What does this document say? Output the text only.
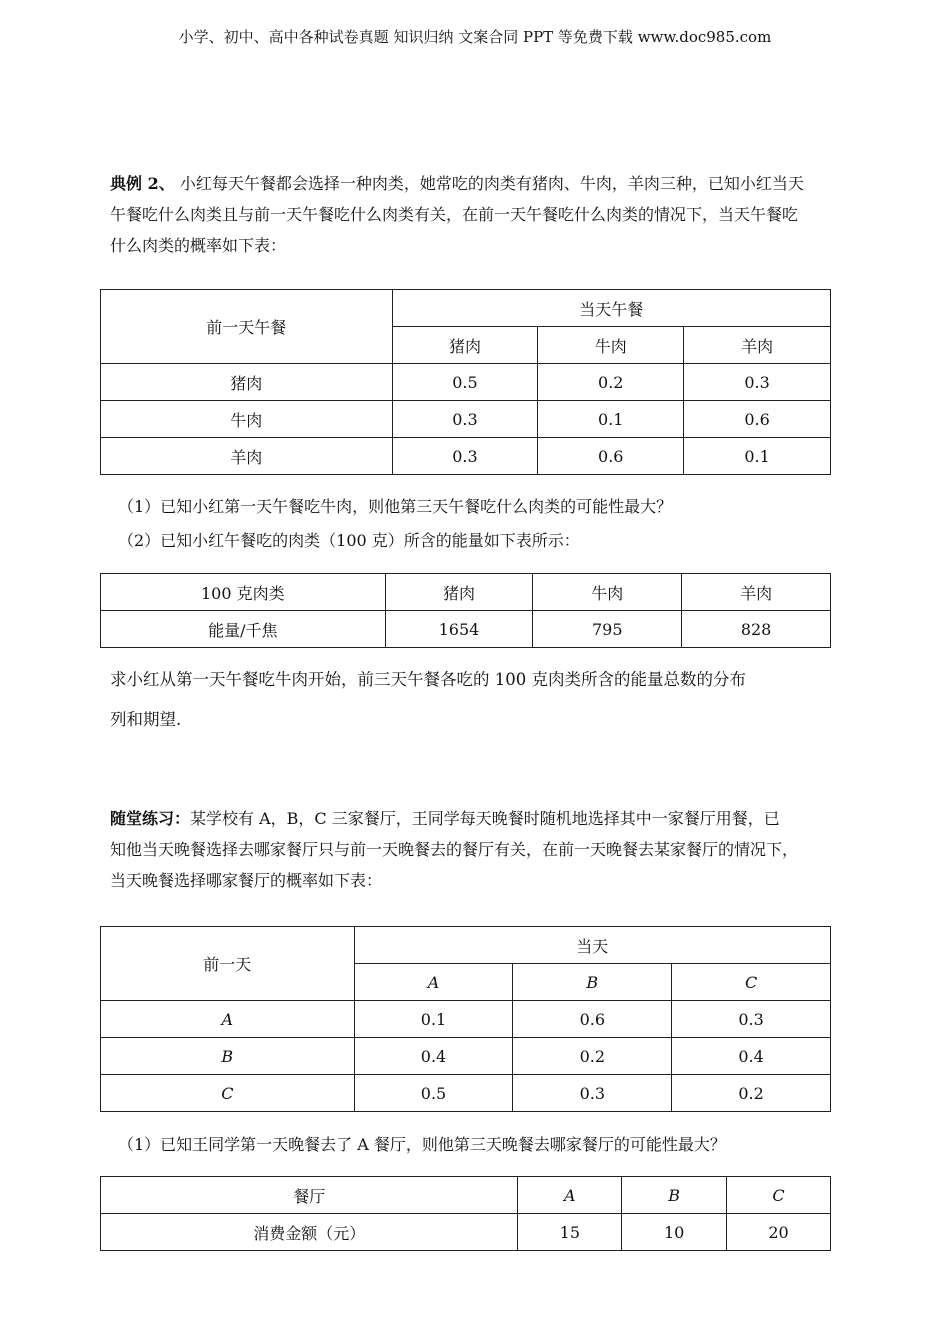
小学、初中、高中各种试卷真题 知识归纳 文案合同 PPT 等免费下载 www.doc985.com
典例 2、 小红每天午餐都会选择一种肉类，她常吃的肉类有猪肉、牛肉，羊肉三种，已知小红当天
午餐吃什么肉类且与前一天午餐吃什么肉类有关，在前一天午餐吃什么肉类的情况下，当天午餐吃
什么肉类的概率如下表：
前一天午餐	当天午餐		
	猪肉	牛肉	羊肉
猪肉	0.5	0.2	0.3
牛肉	0.3	0.1	0.6
羊肉	0.3	0.6	0.1
（1）已知小红第一天午餐吃牛肉，则他第三天午餐吃什么肉类的可能性最大？
（2）已知小红午餐吃的肉类（100 克）所含的能量如下表所示：
100 克肉类	猪肉	牛肉	羊肉
能量/千焦	1654	795	828
求小红从第一天午餐吃牛肉开始，前三天午餐各吃的 100 克肉类所含的能量总数的分布
列和期望.
随堂练习：某学校有 A，B，C 三家餐厅，王同学每天晚餐时随机地选择其中一家餐厅用餐，已
知他当天晚餐选择去哪家餐厅只与前一天晚餐去的餐厅有关，在前一天晚餐去某家餐厅的情况下，
当天晚餐选择哪家餐厅的概率如下表：
前一天	当天		
	A	B	C
A	0.1	0.6	0.3
B	0.4	0.2	0.4
C	0.5	0.3	0.2
（1）已知王同学第一天晚餐去了 A 餐厅，则他第三天晚餐去哪家餐厅的可能性最大？
餐厅	A	B	C
消费金额（元）	15	10	20
